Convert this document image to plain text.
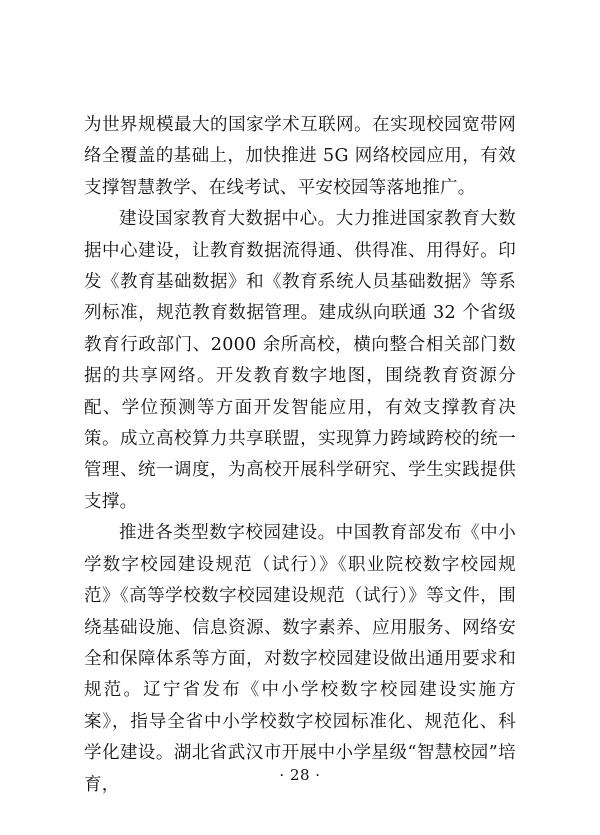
为世界规模最大的国家学术互联网。在实现校园宽带网络全覆盖的基础上，加快推进 5G 网络校园应用，有效支撑智慧教学、在线考试、平安校园等落地推广。

建设国家教育大数据中心。大力推进国家教育大数据中心建设，让教育数据流得通、供得准、用得好。印发《教育基础数据》和《教育系统人员基础数据》等系列标准，规范教育数据管理。建成纵向联通 32 个省级教育行政部门、2000 余所高校，横向整合相关部门数据的共享网络。开发教育数字地图，围绕教育资源分配、学位预测等方面开发智能应用，有效支撑教育决策。成立高校算力共享联盟，实现算力跨域跨校的统一管理、统一调度，为高校开展科学研究、学生实践提供支撑。

推进各类型数字校园建设。中国教育部发布《中小学数字校园建设规范（试行）》《职业院校数字校园规范》《高等学校数字校园建设规范（试行）》等文件，围绕基础设施、信息资源、数字素养、应用服务、网络安全和保障体系等方面，对数字校园建设做出通用要求和规范。辽宁省发布《中小学校数字校园建设实施方案》，指导全省中小学校数字校园标准化、规范化、科学化建设。湖北省武汉市开展中小学星级“智慧校园”培育，	· 28 ·
